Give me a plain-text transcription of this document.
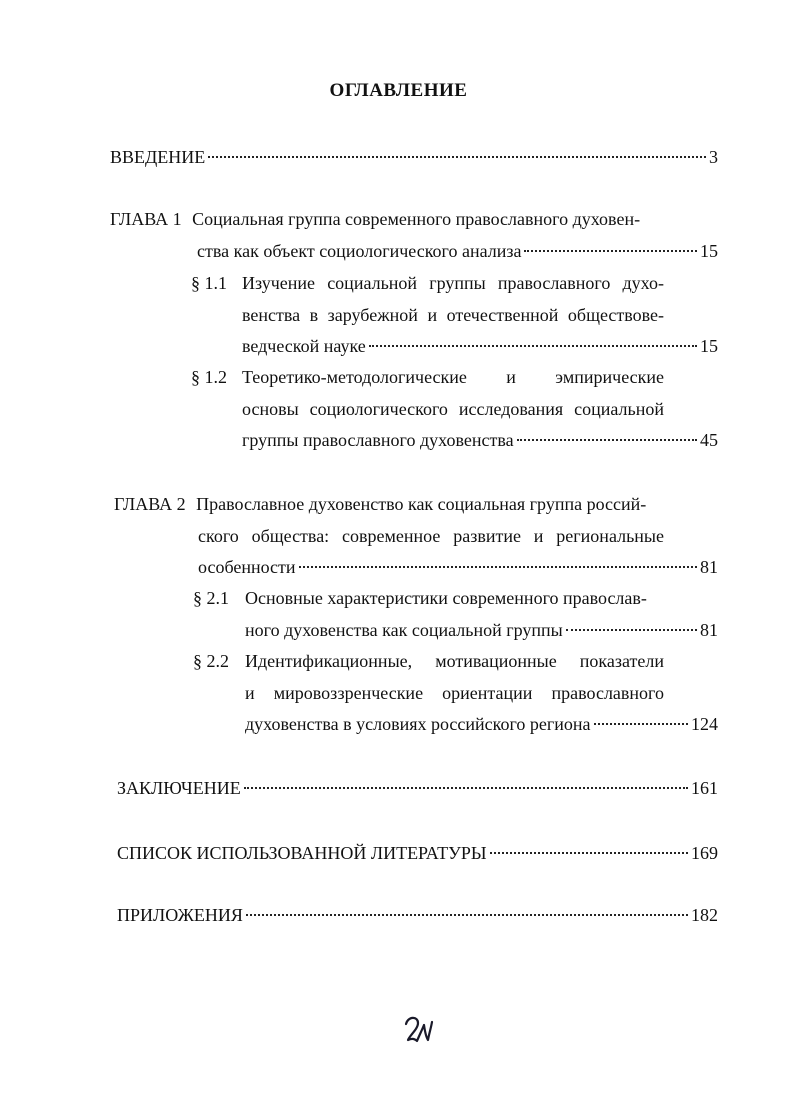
ОГЛАВЛЕНИЕ
ВВЕДЕНИЕ	3
ГЛАВА 1 Социальная группа современного православного духовен-
ства как объект социологического анализа	15
§ 1.1 Изучение социальной группы православного духо-
венства в зарубежной и отечественной обществове-
ведческой науке	15
§ 1.2 Теоретико-методологические и эмпирические
основы социологического исследования социальной
группы православного духовенства	45
ГЛАВА 2 Православное духовенство как социальная группа россий-
ского общества: современное развитие и региональные
особенности	81
§ 2.1 Основные характеристики современного православ-
ного духовенства как социальной группы	81
§ 2.2 Идентификационные, мотивационные показатели
и мировоззренческие ориентации православного
духовенства в условиях российского региона	124
ЗАКЛЮЧЕНИЕ	161
СПИСОК ИСПОЛЬЗОВАННОЙ ЛИТЕРАТУРЫ	169
ПРИЛОЖЕНИЯ	182
